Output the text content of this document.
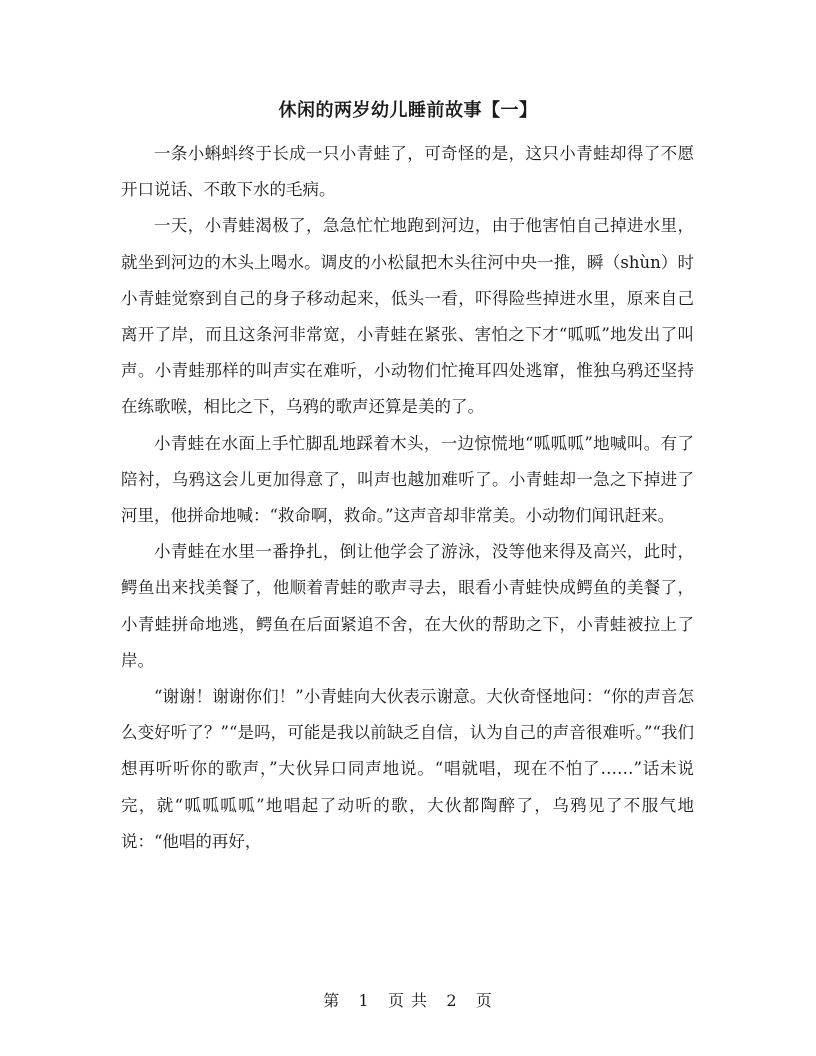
休闲的两岁幼儿睡前故事【一】

一条小蝌蚪终于长成一只小青蛙了，可奇怪的是，这只小青蛙却得了不愿开口说话、不敢下水的毛病。

一天，小青蛙渴极了，急急忙忙地跑到河边，由于他害怕自己掉进水里，就坐到河边的木头上喝水。调皮的小松鼠把木头往河中央一推，瞬（shùn）时小青蛙觉察到自己的身子移动起来，低头一看，吓得险些掉进水里，原来自己离开了岸，而且这条河非常宽，小青蛙在紧张、害怕之下才“呱呱”地发出了叫声。小青蛙那样的叫声实在难听，小动物们忙掩耳四处逃窜，惟独乌鸦还坚持在练歌喉，相比之下，乌鸦的歌声还算是美的了。

小青蛙在水面上手忙脚乱地踩着木头，一边惊慌地“呱呱呱”地喊叫。有了陪衬，乌鸦这会儿更加得意了，叫声也越加难听了。小青蛙却一急之下掉进了河里，他拼命地喊：“救命啊，救命。”这声音却非常美。小动物们闻讯赶来。

小青蛙在水里一番挣扎，倒让他学会了游泳，没等他来得及高兴，此时，鳄鱼出来找美餐了，他顺着青蛙的歌声寻去，眼看小青蛙快成鳄鱼的美餐了，小青蛙拼命地逃，鳄鱼在后面紧追不舍，在大伙的帮助之下，小青蛙被拉上了岸。

“谢谢！谢谢你们！”小青蛙向大伙表示谢意。大伙奇怪地问：“你的声音怎么变好听了？”“是吗，可能是我以前缺乏自信，认为自己的声音很难听。”“我们想再听听你的歌声，”大伙异口同声地说。“唱就唱，现在不怕了……”话未说完，就“呱呱呱呱”地唱起了动听的歌，大伙都陶醉了，乌鸦见了不服气地说：“他唱的再好，

第 1 页 共 2 页
